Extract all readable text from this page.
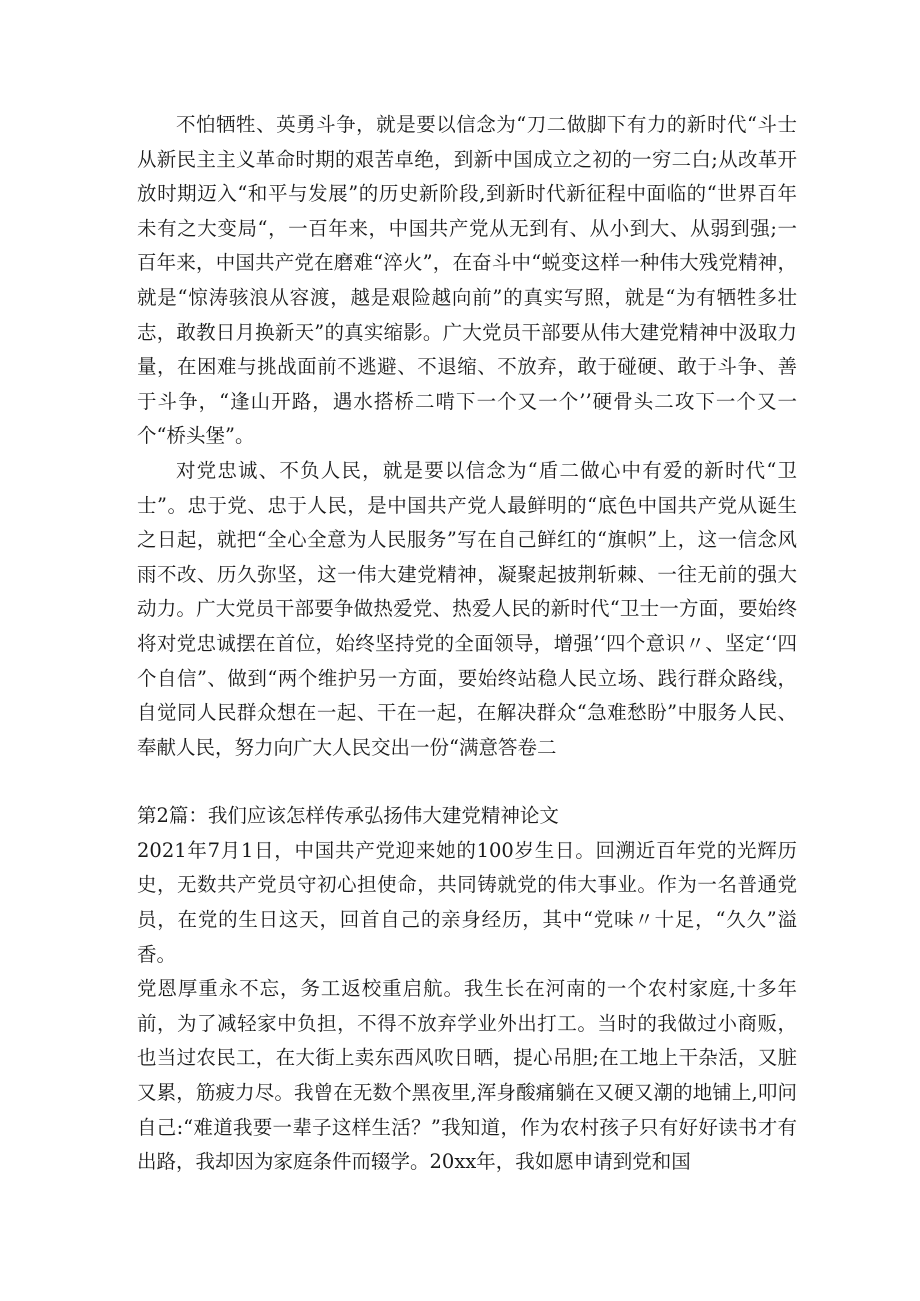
不怕牺牲、英勇斗争，就是要以信念为“刀二做脚下有力的新时代“斗士从新民主主义革命时期的艰苦卓绝，到新中国成立之初的一穷二白;从改革开放时期迈入“和平与发展”的历史新阶段,到新时代新征程中面临的“世界百年未有之大变局“，一百年来，中国共产党从无到有、从小到大、从弱到强;一百年来，中国共产党在磨难“淬火”，在奋斗中“蜕变这样一种伟大残党精神，就是“惊涛骇浪从容渡，越是艰险越向前”的真实写照，就是“为有牺牲多壮志，敢教日月换新天”的真实缩影。广大党员干部要从伟大建党精神中汲取力量，在困难与挑战面前不逃避、不退缩、不放弃，敢于碰硬、敢于斗争、善于斗争，“逢山开路，遇水搭桥二啃下一个又一个’’硬骨头二攻下一个又一个“桥头堡”。

对党忠诚、不负人民，就是要以信念为“盾二做心中有爱的新时代“卫士”。忠于党、忠于人民，是中国共产党人最鲜明的“底色中国共产党从诞生之日起，就把“全心全意为人民服务”写在自己鲜红的“旗帜”上，这一信念风雨不改、历久弥坚，这一伟大建党精神，凝聚起披荆斩棘、一往无前的强大动力。广大党员干部要争做热爱党、热爱人民的新时代“卫士一方面，要始终将对党忠诚摆在首位，始终坚持党的全面领导，增强’‘四个意识〃、坚定‘‘四个自信”、做到“两个维护另一方面，要始终站稳人民立场、践行群众路线，自觉同人民群众想在一起、干在一起，在解决群众“急难愁盼”中服务人民、奉献人民，努力向广大人民交出一份“满意答卷二

第2篇：我们应该怎样传承弘扬伟大建党精神论文

2021年7月1日，中国共产党迎来她的100岁生日。回溯近百年党的光辉历史，无数共产党员守初心担使命，共同铸就党的伟大事业。作为一名普通党员，在党的生日这天，回首自己的亲身经历，其中“党味〃十足，“久久”溢香。

党恩厚重永不忘，务工返校重启航。我生长在河南的一个农村家庭,十多年前，为了减轻家中负担，不得不放弃学业外出打工。当时的我做过小商贩，也当过农民工，在大街上卖东西风吹日晒，提心吊胆;在工地上干杂活，又脏又累，筋疲力尽。我曾在无数个黑夜里,浑身酸痛躺在又硬又潮的地铺上,叩问自己:“难道我要一辈子这样生活？”我知道，作为农村孩子只有好好读书才有出路，我却因为家庭条件而辍学。20xx年，我如愿申请到党和国
